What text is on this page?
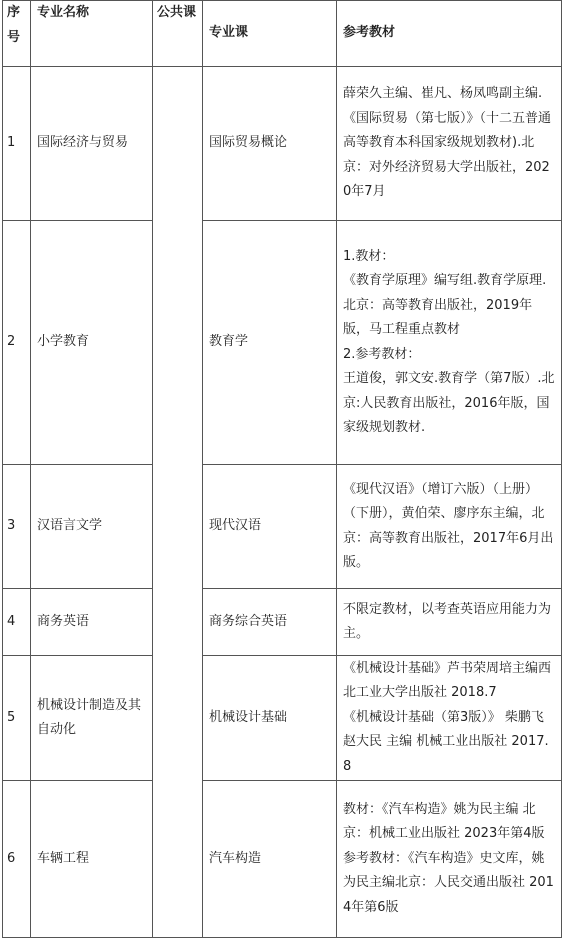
序号	专业名称	公共课	专业课	参考教材
1	国际经济与贸易		国际贸易概论	薛荣久主编、崔凡、杨凤鸣副主编.《国际贸易（第七版）》（十二五普通高等教育本科国家级规划教材).北京：对外经济贸易大学出版社，2020年7月

2	小学教育		教育学	1.教材：
《教育学原理》编写组.教育学原理.北京：高等教育出版社，2019年版，马工程重点教材
2.参考教材：
王道俊，郭文安.教育学（第7版）.北京:人民教育出版社，2016年版，国家级规划教材.

3	汉语言文学		现代汉语	《现代汉语》（增订六版）（上册）（下册），黄伯荣、廖序东主编，北京：高等教育出版社，2017年6月出版。

4	商务英语		商务综合英语	不限定教材，以考查英语应用能力为主。

5	机械设计制造及其自动化		机械设计基础	《机械设计基础》芦书荣周培主编西北工业大学出版社 2018.7
《机械设计基础（第3版）》 柴鹏飞 赵大民 主编 机械工业出版社 2017.8

6	车辆工程		汽车构造	教材：《汽车构造》姚为民主编 北京：机械工业出版社 2023年第4版
参考教材：《汽车构造》史文库，姚为民主编北京：人民交通出版社 2014年第6版
